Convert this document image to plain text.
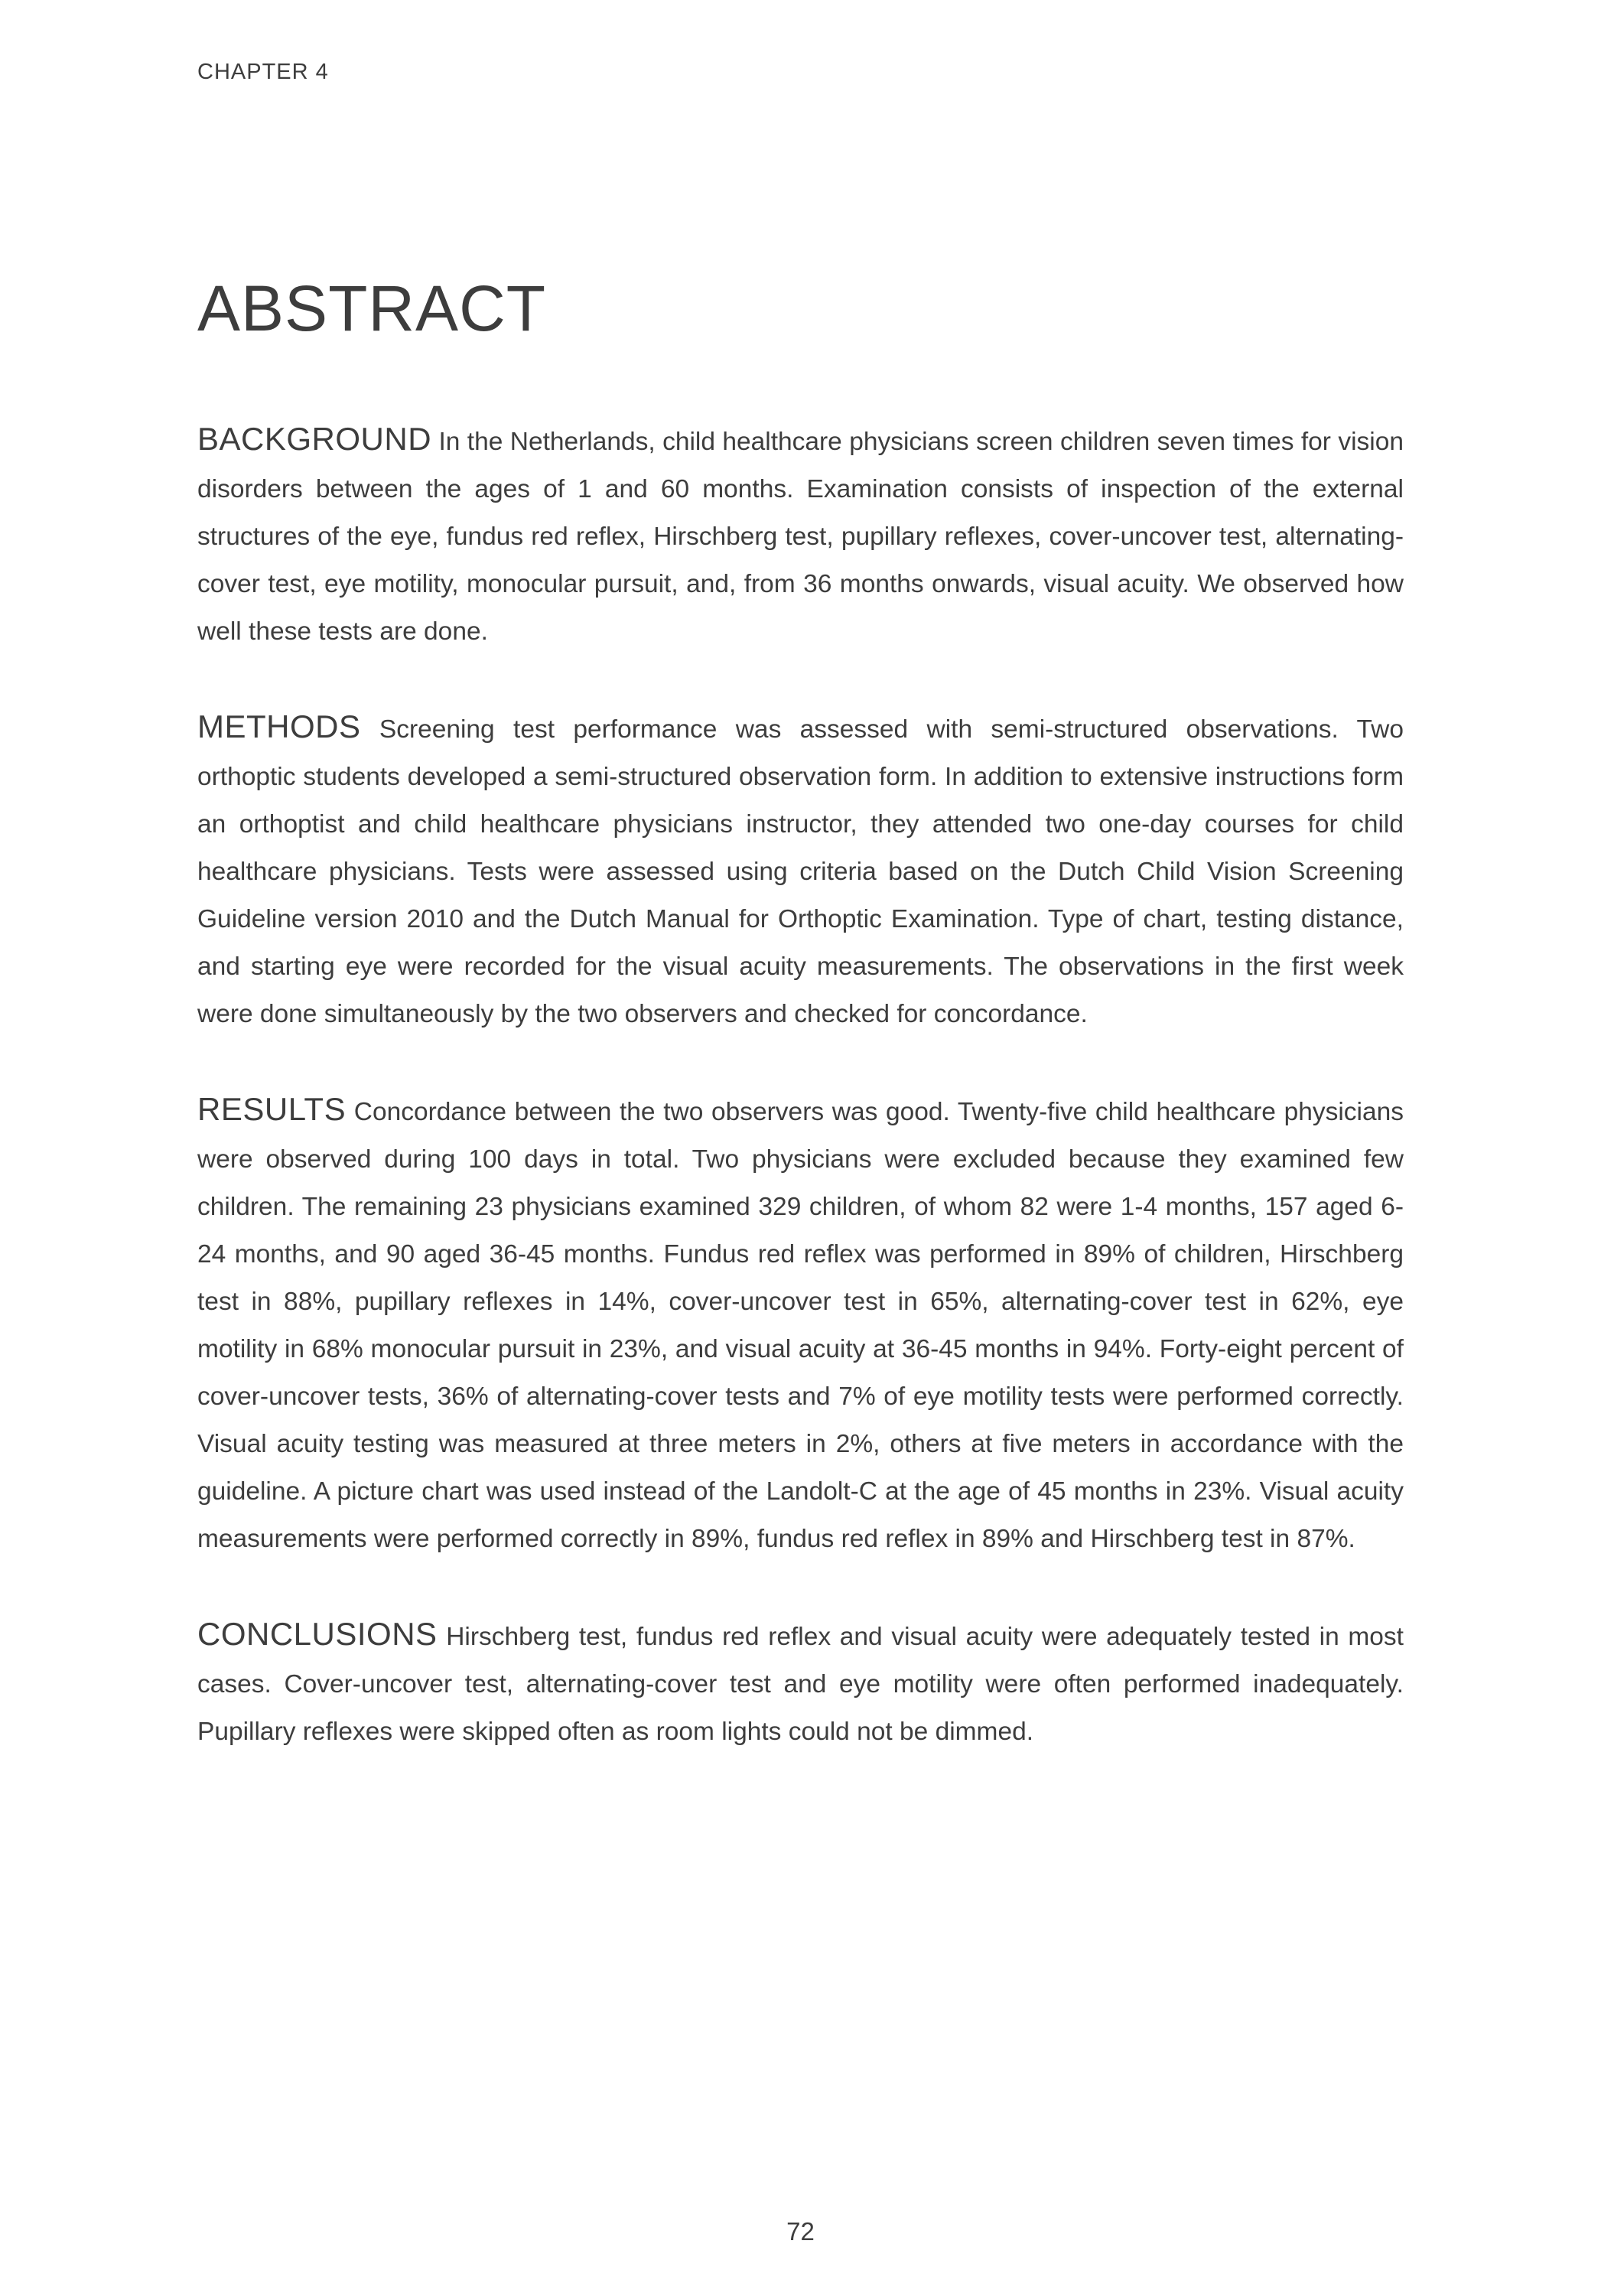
CHAPTER 4
ABSTRACT

BACKGROUND In the Netherlands, child healthcare physicians screen children seven times for vision disorders between the ages of 1 and 60 months. Examination consists of inspection of the external structures of the eye, fundus red reflex, Hirschberg test, pupillary reflexes, cover-uncover test, alternating-cover test, eye motility, monocular pursuit, and, from 36 months onwards, visual acuity. We observed how well these tests are done.

METHODS Screening test performance was assessed with semi-structured observations. Two orthoptic students developed a semi-structured observation form. In addition to extensive instructions form an orthoptist and child healthcare physicians instructor, they attended two one-day courses for child healthcare physicians. Tests were assessed using criteria based on the Dutch Child Vision Screening Guideline version 2010 and the Dutch Manual for Orthoptic Examination. Type of chart, testing distance, and starting eye were recorded for the visual acuity measurements. The observations in the first week were done simultaneously by the two observers and checked for concordance.

RESULTS Concordance between the two observers was good. Twenty-five child healthcare physicians were observed during 100 days in total. Two physicians were excluded because they examined few children. The remaining 23 physicians examined 329 children, of whom 82 were 1-4 months, 157 aged 6-24 months, and 90 aged 36-45 months. Fundus red reflex was performed in 89% of children, Hirschberg test in 88%, pupillary reflexes in 14%, cover-uncover test in 65%, alternating-cover test in 62%, eye motility in 68% monocular pursuit in 23%, and visual acuity at 36-45 months in 94%. Forty-eight percent of cover-uncover tests, 36% of alternating-cover tests and 7% of eye motility tests were performed correctly. Visual acuity testing was measured at three meters in 2%, others at five meters in accordance with the guideline. A picture chart was used instead of the Landolt-C at the age of 45 months in 23%. Visual acuity measurements were performed correctly in 89%, fundus red reflex in 89% and Hirschberg test in 87%.

CONCLUSIONS Hirschberg test, fundus red reflex and visual acuity were adequately tested in most cases. Cover-uncover test, alternating-cover test and eye motility were often performed inadequately. Pupillary reflexes were skipped often as room lights could not be dimmed.

72
